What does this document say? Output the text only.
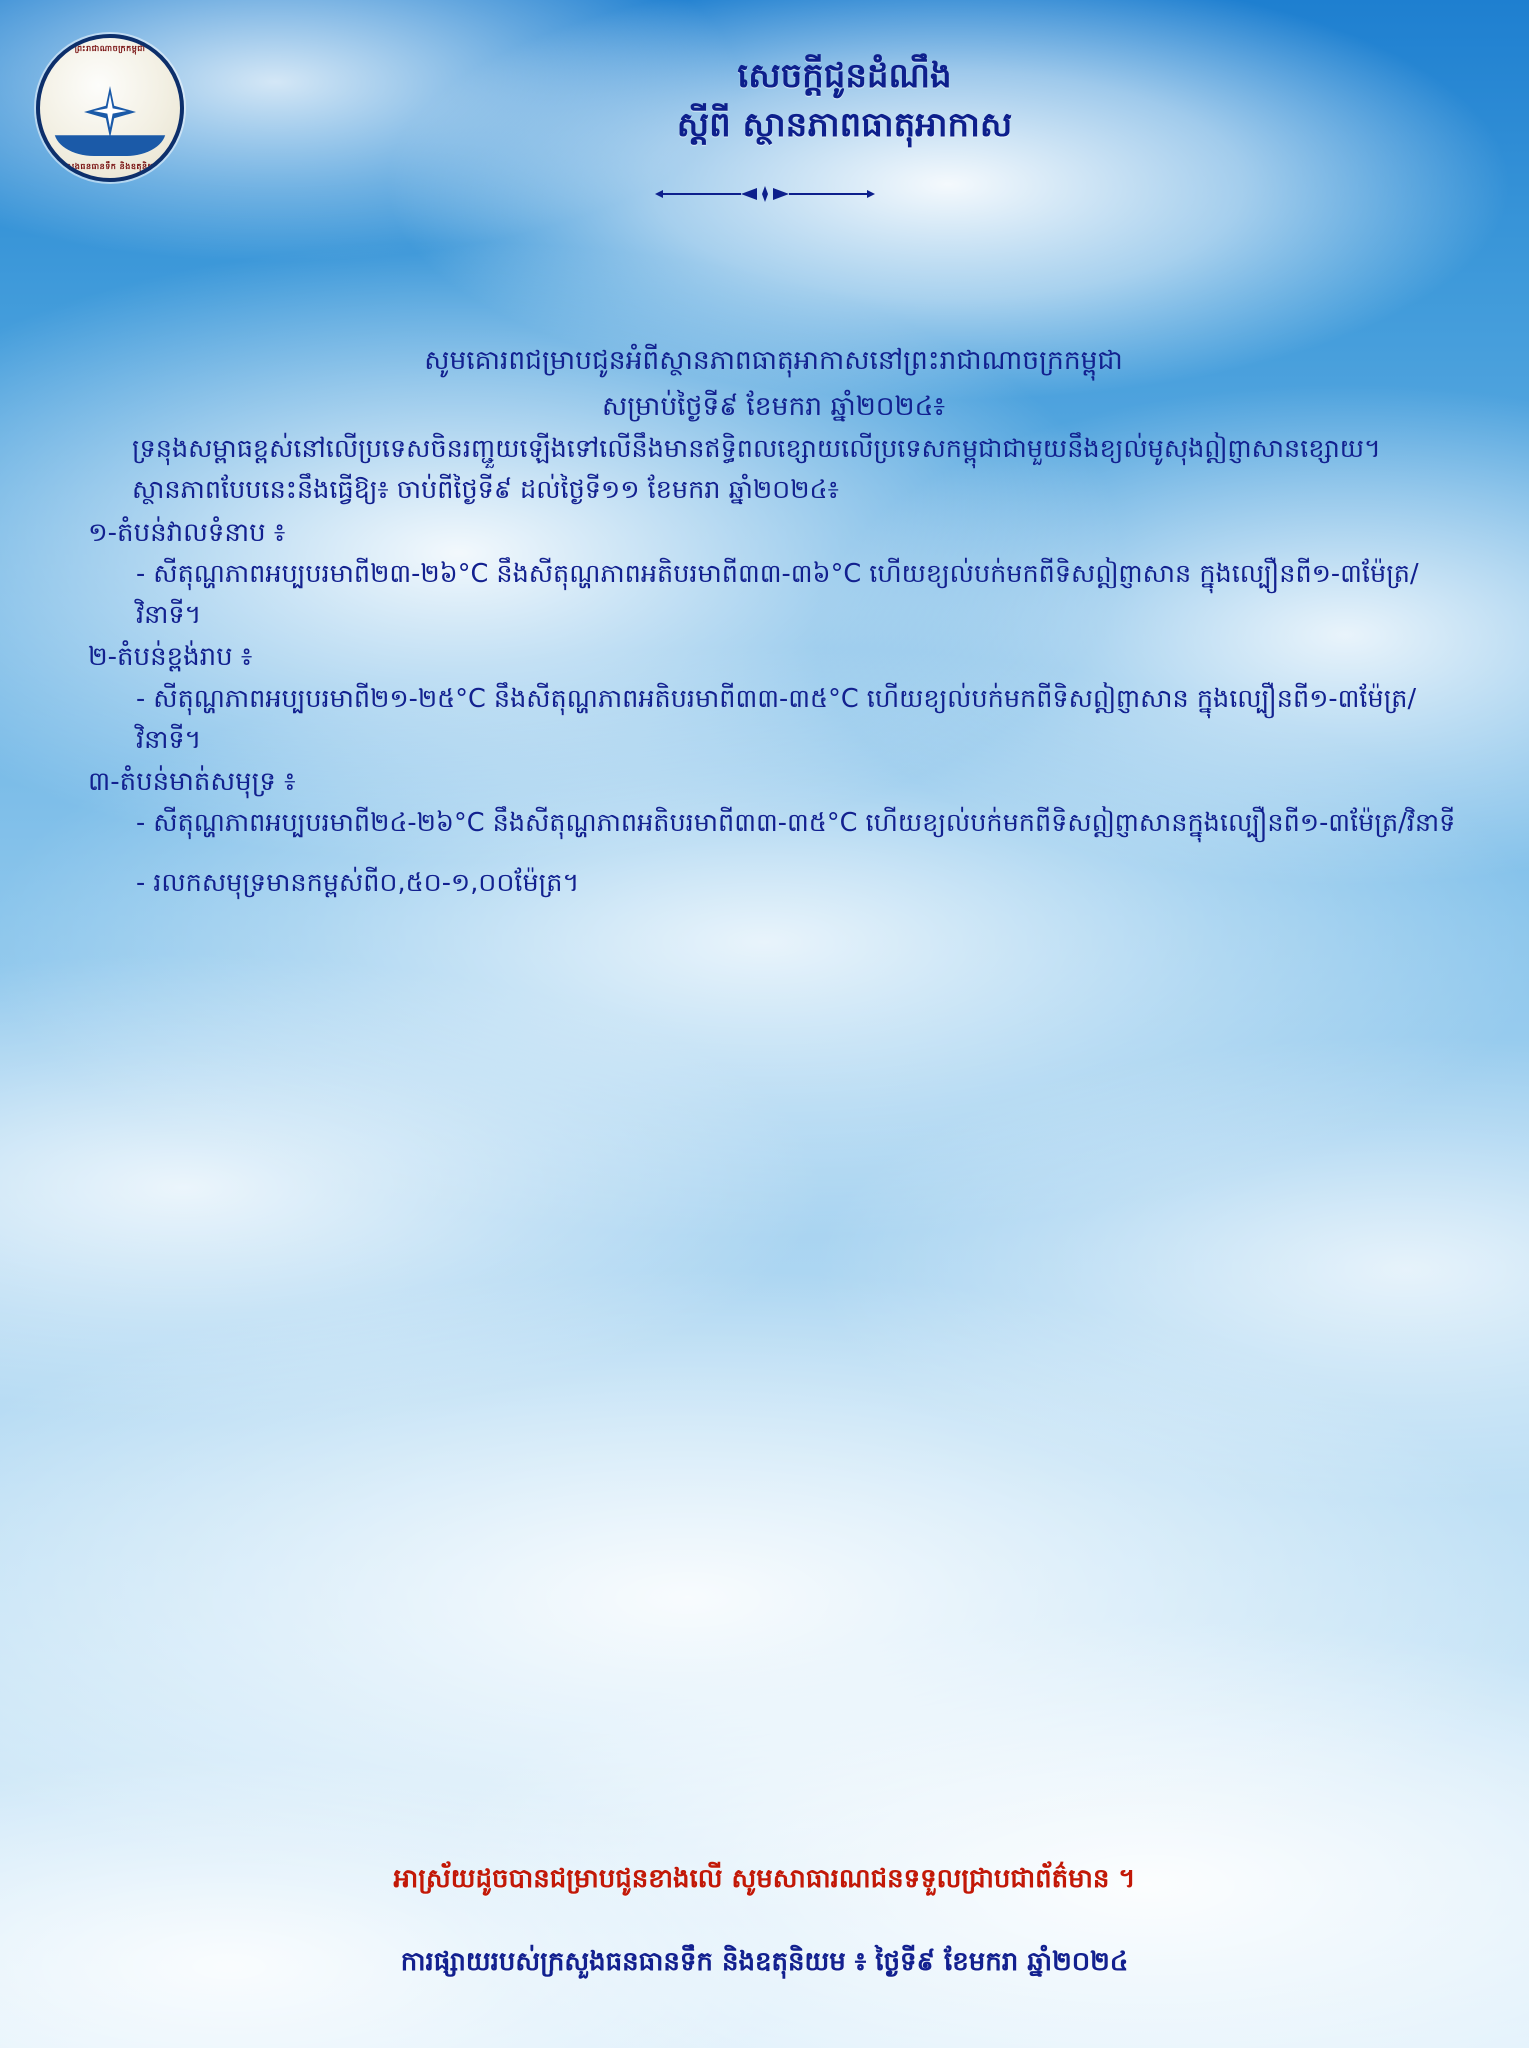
ព្រះរាជាណាចក្រកម្ពុជា
ក្រសួងធនធានទឹក និងឧតុនិយម
សេចក្តីជូនដំណឹង
ស្តីពី ស្ថានភាពធាតុអាកាស

សូមគោរពជម្រាបជូនអំពីស្ថានភាពធាតុអាកាសនៅព្រះរាជាណាចក្រកម្ពុជា

សម្រាប់ថ្ងៃទី៩ ខែមករា ឆ្នាំ២០២៤៖

ទ្រនុងសម្ពាធខ្ពស់នៅលើប្រទេសចិនរញ្ជួយឡើងទៅលើនឹងមានឥទ្ធិពលខ្សោយលើប្រទេសកម្ពុជាជាមួយនឹងខ្យល់មូសុងឦព្ញាសានខ្សោយ។

ស្ថានភាពបែបនេះនឹងធ្វើឱ្យ៖ ចាប់ពីថ្ងៃទី៩ ដល់ថ្ងៃទី១១ ខែមករា ឆ្នាំ២០២៤៖

១-តំបន់វាលទំនាប ៖

- សីតុណ្ហភាពអប្បបរមាពី២៣-២៦°C នឹងសីតុណ្ហភាពអតិបរមាពី៣៣-៣៦°C ហើយខ្យល់បក់មកពីទិសឦព្ញាសាន ក្នុងល្បឿនពី១-៣ម៉ែត្រ/វិនាទី។

២-តំបន់ខ្ពង់រាប ៖

- សីតុណ្ហភាពអប្បបរមាពី២១-២៥°C នឹងសីតុណ្ហភាពអតិបរមាពី៣៣-៣៥°C ហើយខ្យល់បក់មកពីទិសឦព្ញាសាន ក្នុងល្បឿនពី១-៣ម៉ែត្រ/វិនាទី។

៣-តំបន់មាត់សមុទ្រ ៖

- សីតុណ្ហភាពអប្បបរមាពី២៤-២៦°C នឹងសីតុណ្ហភាពអតិបរមាពី៣៣-៣៥°C ហើយខ្យល់បក់មកពីទិសឦព្ញាសានក្នុងល្បឿនពី១-៣ម៉ែត្រ/វិនាទី

- រលកសមុទ្រមានកម្ពស់ពី០,៥០-១,០០ម៉ែត្រ។

អាស្រ័យដូចបានជម្រាបជូនខាងលើ សូមសាធារណជនទទួលជ្រាបជាព័ត៌មាន ។
ការផ្សាយរបស់ក្រសួងធនធានទឹក និងឧតុនិយម ៖ ថ្ងៃទី៩ ខែមករា ឆ្នាំ២០២៤
